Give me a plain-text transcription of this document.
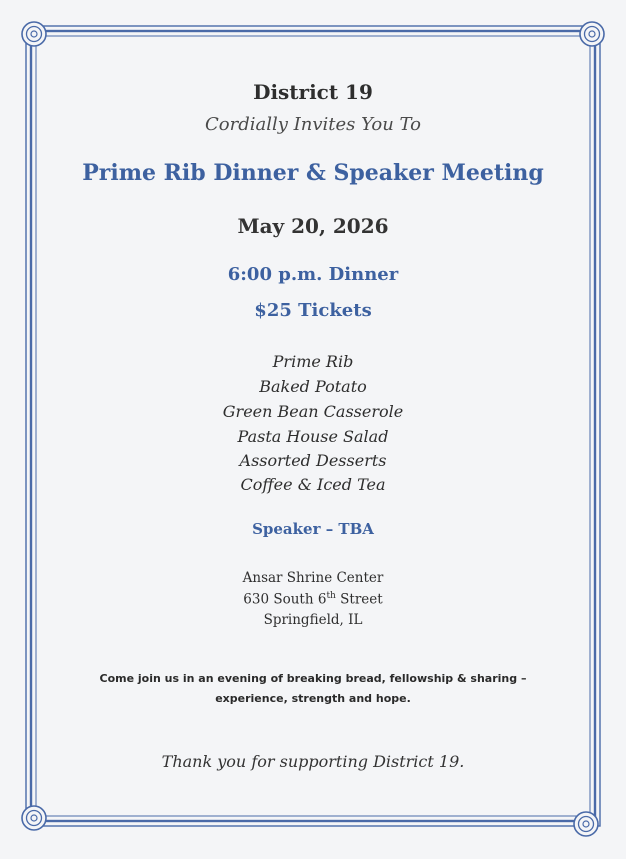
District 19

Cordially Invites You To

Prime Rib Dinner & Speaker Meeting

May 20, 2026

6:00 p.m. Dinner

$25 Tickets

Prime Rib

Baked Potato

Green Bean Casserole

Pasta House Salad

Assorted Desserts

Coffee & Iced Tea

Speaker – TBA

Ansar Shrine Center

630 South 6th Street

Springfield, IL

Come join us in an evening of breaking bread, fellowship & sharing –

experience, strength and hope.

Thank you for supporting District 19.
